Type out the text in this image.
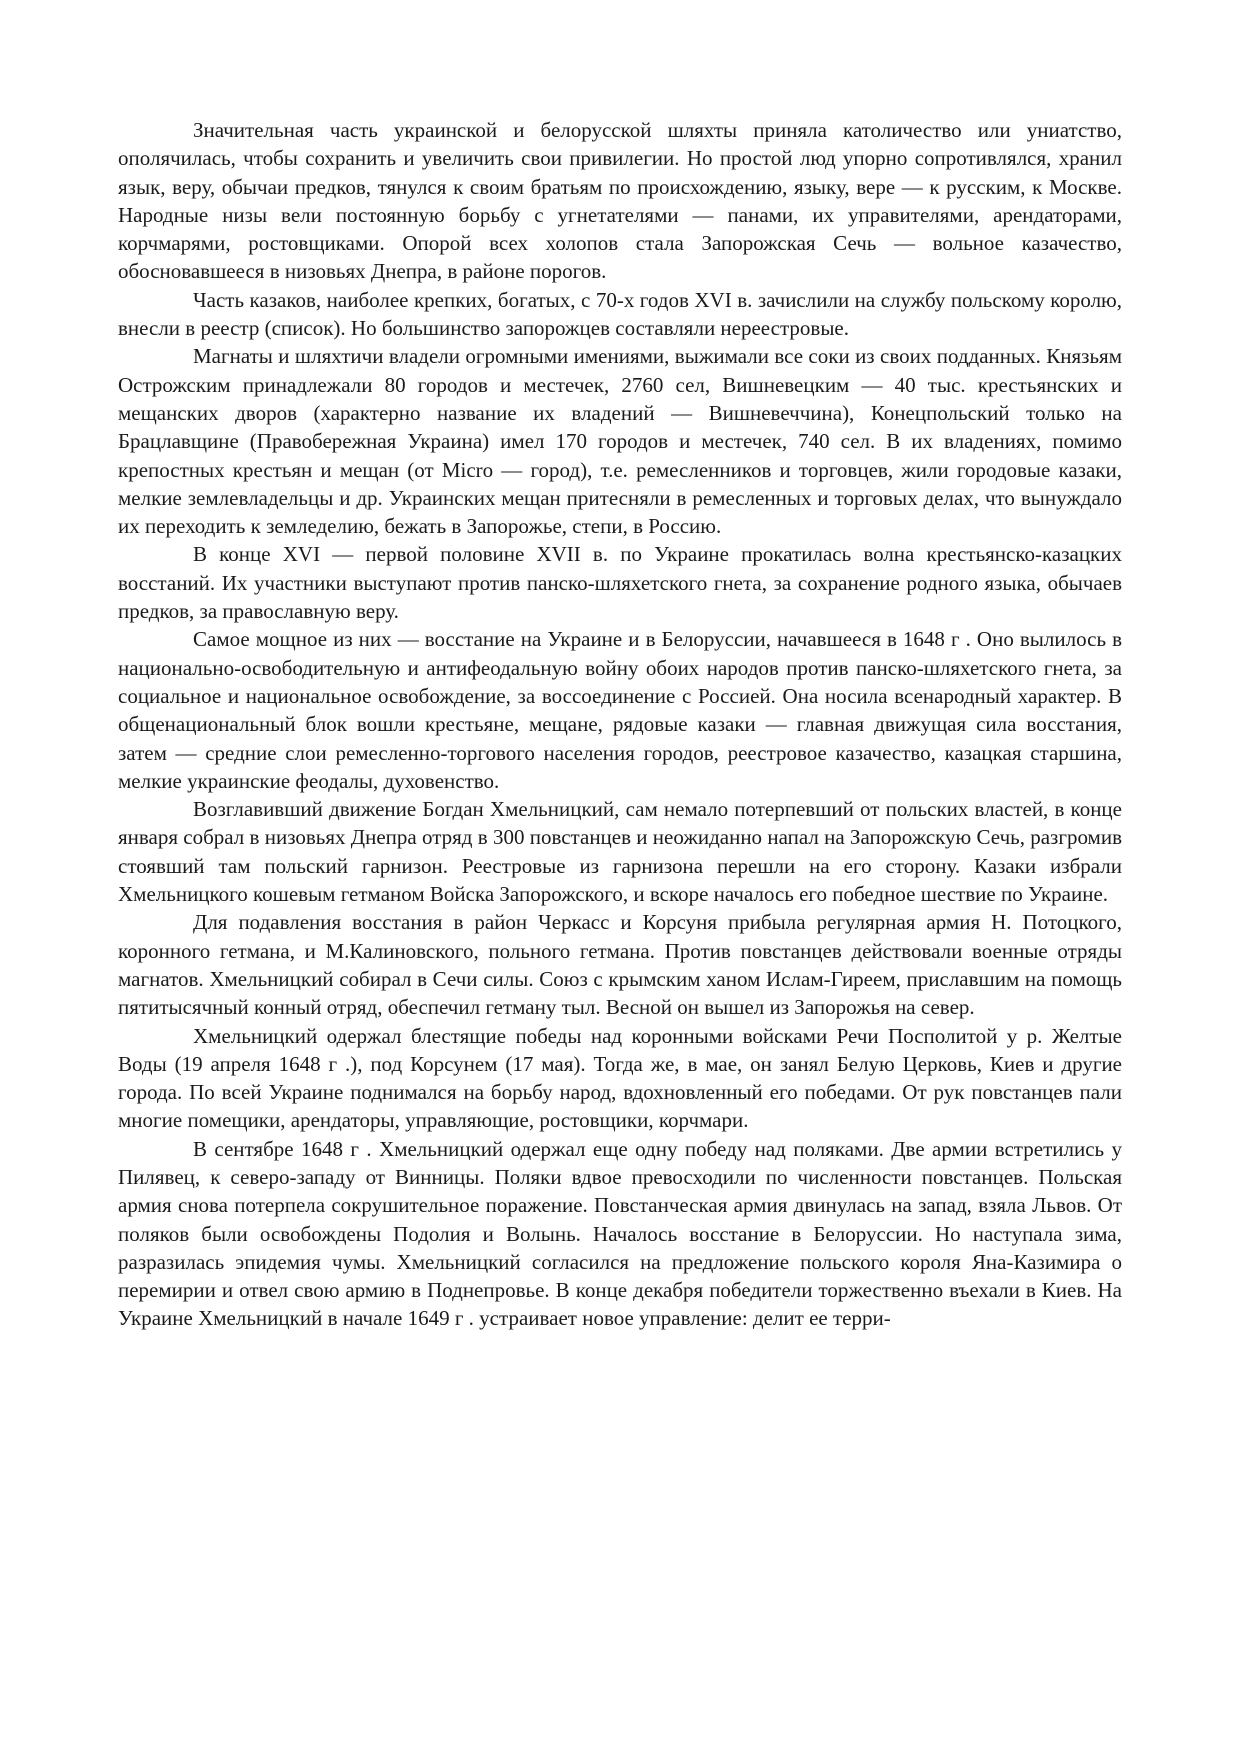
Значительная часть украинской и белорусской шляхты приняла католичество или униатство, ополячилась, чтобы сохранить и увеличить свои привилегии. Но простой люд упорно сопротивлялся, хранил язык, веру, обычаи предков, тянулся к своим братьям по происхождению, языку, вере — к русским, к Москве. Народные низы вели постоянную борьбу с угнетателями — панами, их управителями, арендаторами, корчмарями, ростовщиками. Опорой всех холопов стала Запорожская Сечь — вольное казачество, обосновавшееся в низовьях Днепра, в районе порогов.

Часть казаков, наиболее крепких, богатых, с 70-х годов XVI в. зачислили на службу польскому королю, внесли в реестр (список). Но большинство запорожцев составляли нереестровые.

Магнаты и шляхтичи владели огромными имениями, выжимали все соки из своих подданных. Князьям Острожским принадлежали 80 городов и местечек, 2760 сел, Вишневецким — 40 тыс. крестьянских и мещанских дворов (характерно название их владений — Вишневеччина), Конецпольский только на Брацлавщине (Правобережная Украина) имел 170 городов и местечек, 740 сел. В их владениях, помимо крепостных крестьян и мещан (от Micro — город), т.е. ремесленников и торговцев, жили городовые казаки, мелкие землевладельцы и др. Украинских мещан притесняли в ремесленных и торговых делах, что вынуждало их переходить к земледелию, бежать в Запорожье, степи, в Россию.

В конце XVI — первой половине XVII в. по Украине прокатилась волна крестьянско-казацких восстаний. Их участники выступают против панско-шляхетского гнета, за сохранение родного языка, обычаев предков, за православную веру.

Самое мощное из них — восстание на Украине и в Белоруссии, начавшееся в 1648 г . Оно вылилось в национально-освободительную и антифеодальную войну обоих народов против панско-шляхетского гнета, за социальное и национальное освобождение, за воссоединение с Россией. Она носила всенародный характер. В общенациональный блок вошли крестьяне, мещане, рядовые казаки — главная движущая сила восстания, затем — средние слои ремесленно-торгового населения городов, реестровое казачество, казацкая старшина, мелкие украинские феодалы, духовенство.

Возглавивший движение Богдан Хмельницкий, сам немало потерпевший от польских властей, в конце января собрал в низовьях Днепра отряд в 300 повстанцев и неожиданно напал на Запорожскую Сечь, разгромив стоявший там польский гарнизон. Реестровые из гарнизона перешли на его сторону. Казаки избрали Хмельницкого кошевым гетманом Войска Запорожского, и вскоре началось его победное шествие по Украине.

Для подавления восстания в район Черкасс и Корсуня прибыла регулярная армия Н. Потоцкого, коронного гетмана, и М.Калиновского, польного гетмана. Против повстанцев действовали военные отряды магнатов. Хмельницкий собирал в Сечи силы. Союз с крымским ханом Ислам-Гиреем, приславшим на помощь пятитысячный конный отряд, обеспечил гетману тыл. Весной он вышел из Запорожья на север.

Хмельницкий одержал блестящие победы над коронными войсками Речи Посполитой у р. Желтые Воды (19 апреля 1648 г .), под Корсунем (17 мая). Тогда же, в мае, он занял Белую Церковь, Киев и другие города. По всей Украине поднимался на борьбу народ, вдохновленный его победами. От рук повстанцев пали многие помещики, арендаторы, управляющие, ростовщики, корчмари.

В сентябре 1648 г . Хмельницкий одержал еще одну победу над поляками. Две армии встретились у Пилявец, к северо-западу от Винницы. Поляки вдвое превосходили по численности повстанцев. Польская армия снова потерпела сокрушительное поражение. Повстанческая армия двинулась на запад, взяла Львов. От поляков были освобождены Подолия и Волынь. Началось восстание в Белоруссии. Но наступала зима, разразилась эпидемия чумы. Хмельницкий согласился на предложение польского короля Яна-Казимира о перемирии и отвел свою армию в Поднепровье. В конце декабря победители торжественно въехали в Киев. На Украине Хмельницкий в начале 1649 г . устраивает новое управление: делит ее терри-
